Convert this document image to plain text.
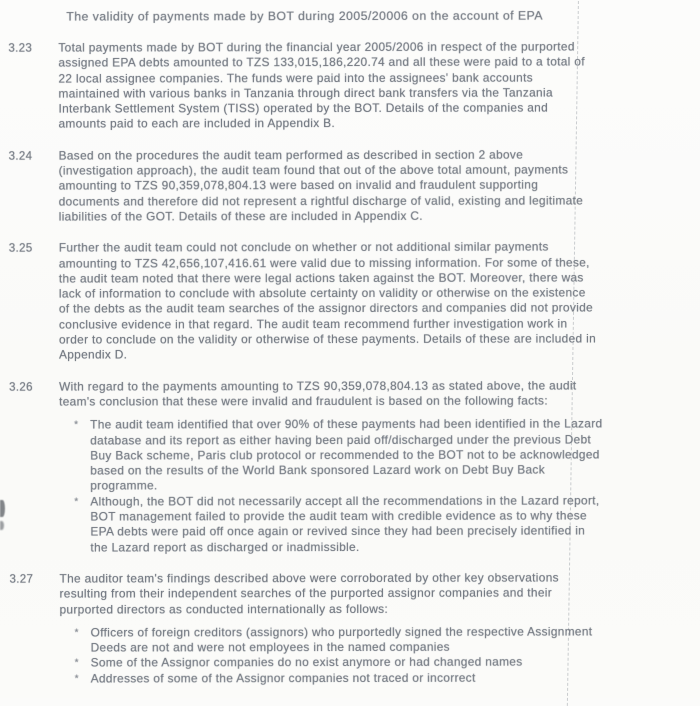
The validity of payments made by BOT during 2005/20006 on the account of EPA
3.23	Total payments made by BOT during the financial year 2005/2006 in respect of the purported
assigned EPA debts amounted to TZS 133,015,186,220.74 and all these were paid to a total of
22 local assignee companies. The funds were paid into the assignees' bank accounts
maintained with various banks in Tanzania through direct bank transfers via the Tanzania
Interbank Settlement System (TISS) operated by the BOT. Details of the companies and
amounts paid to each are included in Appendix B.
3.24	Based on the procedures the audit team performed as described in section 2 above
(investigation approach), the audit team found that out of the above total amount, payments
amounting to TZS 90,359,078,804.13 were based on invalid and fraudulent supporting
documents and therefore did not represent a rightful discharge of valid, existing and legitimate
liabilities of the GOT. Details of these are included in Appendix C.
3.25	Further the audit team could not conclude on whether or not additional similar payments
amounting to TZS 42,656,107,416.61 were valid due to missing information. For some of these,
the audit team noted that there were legal actions taken against the BOT. Moreover, there was
lack of information to conclude with absolute certainty on validity or otherwise on the existence
of the debts as the audit team searches of the assignor directors and companies did not provide
conclusive evidence in that regard. The audit team recommend further investigation work in
order to conclude on the validity or otherwise of these payments. Details of these are included in
Appendix D.
3.26	With regard to the payments amounting to TZS 90,359,078,804.13 as stated above, the audit
team's conclusion that these were invalid and fraudulent is based on the following facts:
*	The audit team identified that over 90% of these payments had been identified in the Lazard
database and its report as either having been paid off/discharged under the previous Debt
Buy Back scheme, Paris club protocol or recommended to the BOT not to be acknowledged
based on the results of the World Bank sponsored Lazard work on Debt Buy Back
programme.
*	Although, the BOT did not necessarily accept all the recommendations in the Lazard report,
BOT management failed to provide the audit team with credible evidence as to why these
EPA debts were paid off once again or revived since they had been precisely identified in
the Lazard report as discharged or inadmissible.
3.27	The auditor team's findings described above were corroborated by other key observations
resulting from their independent searches of the purported assignor companies and their
purported directors as conducted internationally as follows:
*	Officers of foreign creditors (assignors) who purportedly signed the respective Assignment
Deeds are not and were not employees in the named companies
*	Some of the Assignor companies do no exist anymore or had changed names
*	Addresses of some of the Assignor companies not traced or incorrect
